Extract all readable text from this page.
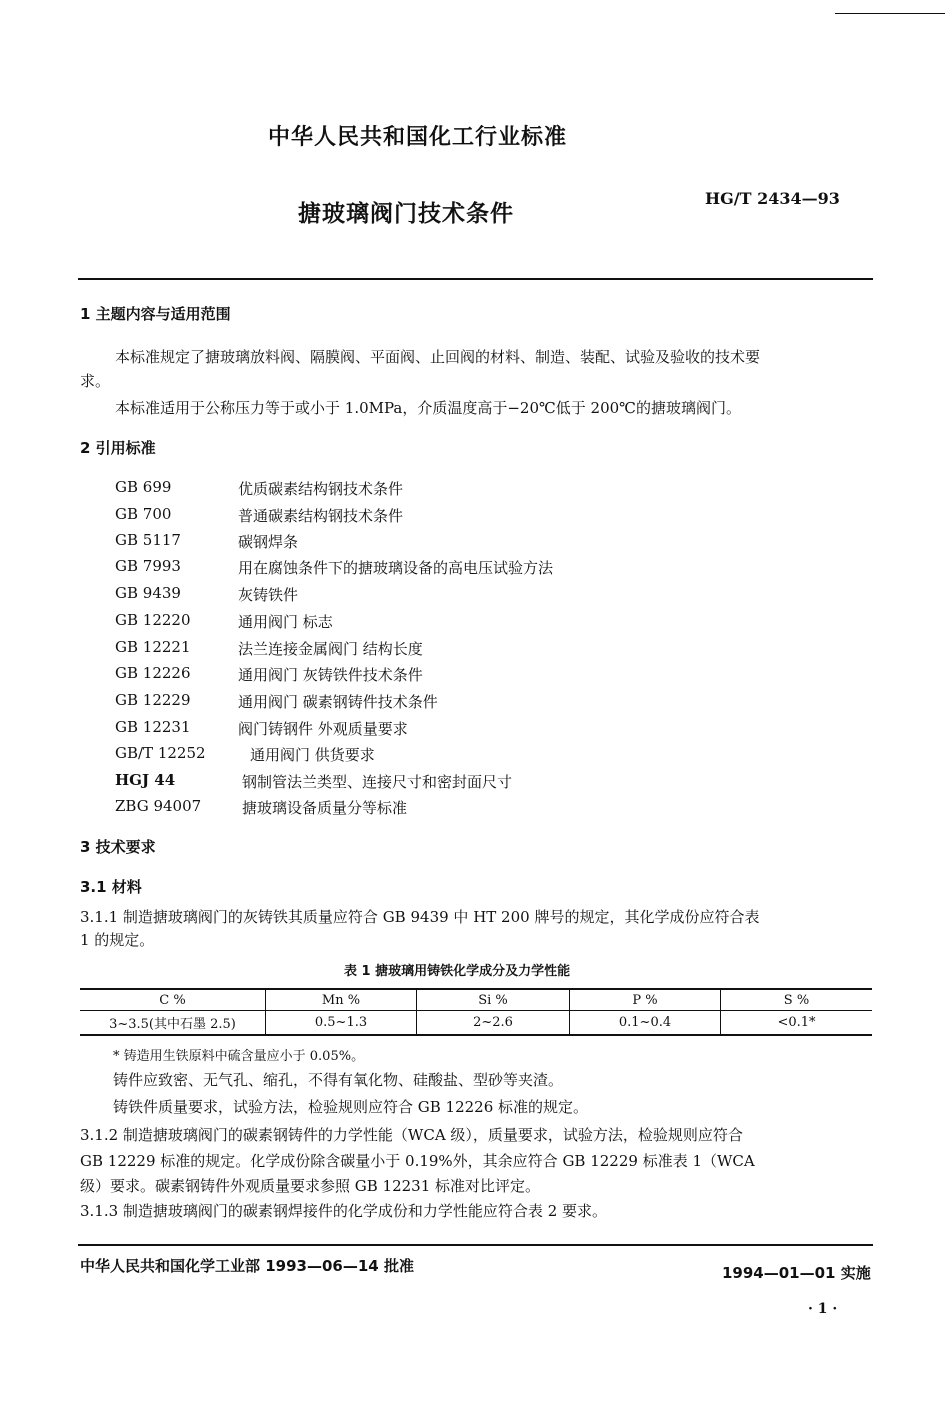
中华人民共和国化工行业标准
搪玻璃阀门技术条件
HG/T 2434—93
1 主题内容与适用范围
本标准规定了搪玻璃放料阀、隔膜阀、平面阀、止回阀的材料、制造、装配、试验及验收的技术要
求。
本标准适用于公称压力等于或小于 1.0MPa，介质温度高于−20℃低于 200℃的搪玻璃阀门。
2 引用标准
GB 699	优质碳素结构钢技术条件
GB 700	普通碳素结构钢技术条件
GB 5117	碳钢焊条
GB 7993	用在腐蚀条件下的搪玻璃设备的高电压试验方法
GB 9439	灰铸铁件
GB 12220	通用阀门 标志
GB 12221	法兰连接金属阀门 结构长度
GB 12226	通用阀门 灰铸铁件技术条件
GB 12229	通用阀门 碳素钢铸件技术条件
GB 12231	阀门铸钢件 外观质量要求
GB/T 12252	通用阀门 供货要求
HGJ 44	钢制管法兰类型、连接尺寸和密封面尺寸
ZBG 94007	搪玻璃设备质量分等标准
3 技术要求
3.1 材料
3.1.1 制造搪玻璃阀门的灰铸铁其质量应符合 GB 9439 中 HT 200 牌号的规定，其化学成份应符合表
1 的规定。
表 1 搪玻璃用铸铁化学成分及力学性能
C %	Mn %	Si %	P %	S %
3~3.5(其中石墨 2.5)	0.5~1.3	2~2.6	0.1~0.4	<0.1*
* 铸造用生铁原料中硫含量应小于 0.05%。
铸件应致密、无气孔、缩孔，不得有氧化物、硅酸盐、型砂等夹渣。
铸铁件质量要求，试验方法，检验规则应符合 GB 12226 标准的规定。
3.1.2 制造搪玻璃阀门的碳素钢铸件的力学性能（WCA 级），质量要求，试验方法，检验规则应符合
GB 12229 标准的规定。化学成份除含碳量小于 0.19%外，其余应符合 GB 12229 标准表 1（WCA
级）要求。碳素钢铸件外观质量要求参照 GB 12231 标准对比评定。
3.1.3 制造搪玻璃阀门的碳素钢焊接件的化学成份和力学性能应符合表 2 要求。
中华人民共和国化学工业部 1993—06—14 批准	1994—01—01 实施
· 1 ·
